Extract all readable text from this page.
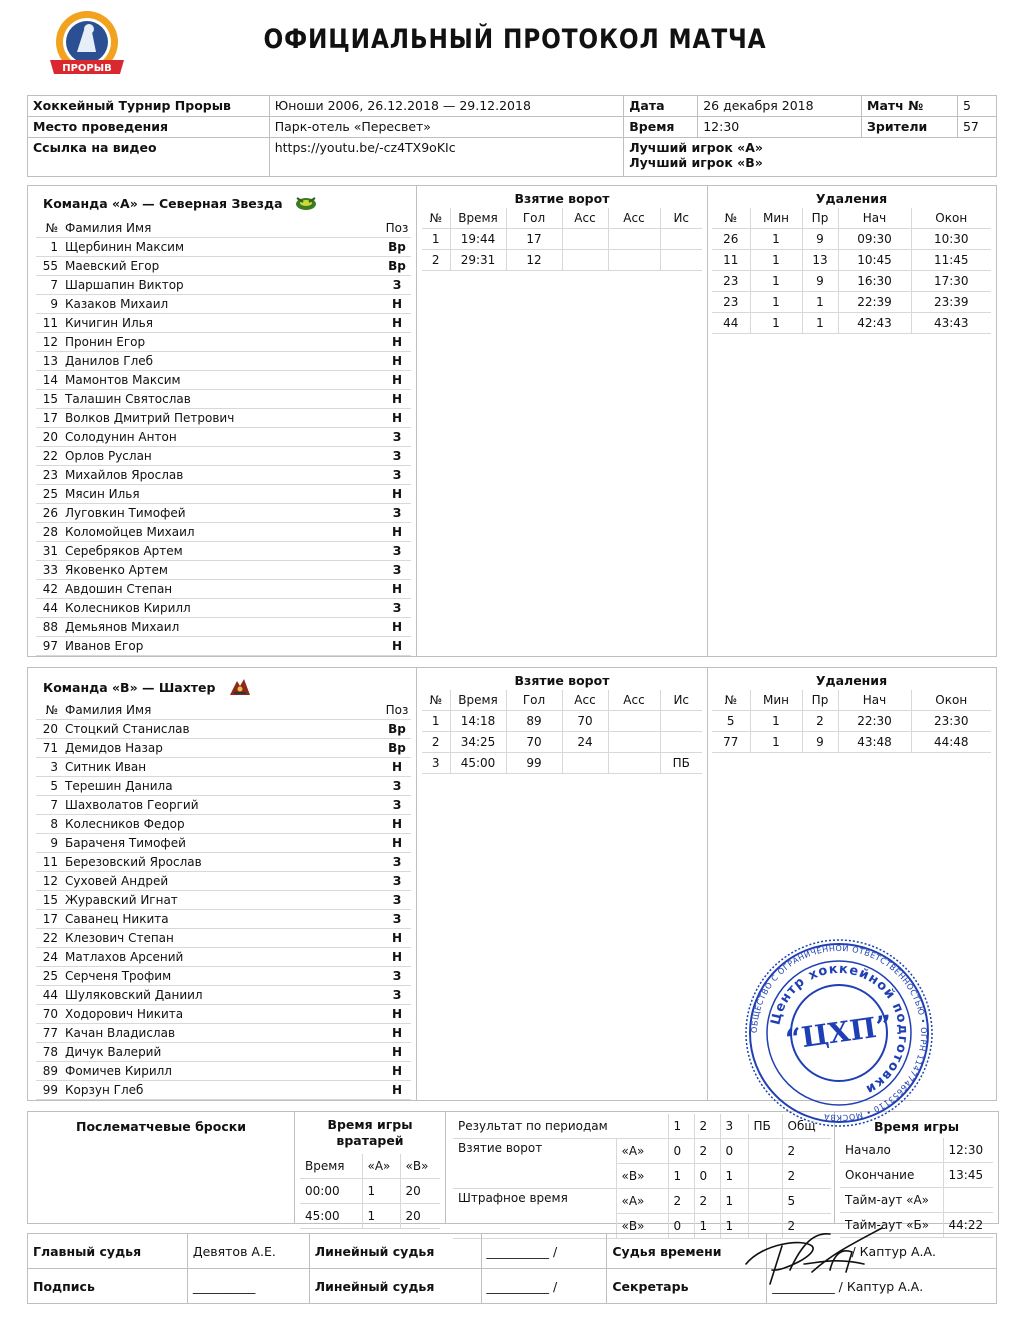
ПРОРЫВ
ОФИЦИАЛЬНЫЙ ПРОТОКОЛ МАТЧА
Хоккейный Турнир Прорыв	Юноши 2006, 26.12.2018 — 29.12.2018	Дата	26 декабря 2018	Матч №	5
Место проведения	Парк-отель «Пересвет»	Время	12:30	Зрители	57
Ссылка на видео	https://youtu.be/-cz4TX9oKIc	Лучший игрок «А»
Лучший игрок «В»			
Команда «А» — Северная Звезда
№	Фамилия Имя	Поз
1	Щербинин Максим	Вр
55	Маевский Егор	Вр
7	Шаршапин Виктор	З
9	Казаков Михаил	Н
11	Кичигин Илья	Н
12	Пронин Егор	Н
13	Данилов Глеб	Н
14	Мамонтов Максим	Н
15	Талашин Святослав	Н
17	Волков Дмитрий Петрович	Н
20	Солодунин Антон	З
22	Орлов Руслан	З
23	Михайлов Ярослав	З
25	Мясин Илья	Н
26	Луговкин Тимофей	З
28	Коломойцев Михаил	Н
31	Серебряков Артем	З
33	Яковенко Артем	З
42	Авдошин Степан	Н
44	Колесников Кирилл	З
88	Демьянов Михаил	Н
97	Иванов Егор	Н
Взятие ворот
№	Время	Гол	Асс	Асс	Ис
1	19:44	17			
2	29:31	12			
Удаления
№	Мин	Пр	Нач	Окон
26	1	9	09:30	10:30
11	1	13	10:45	11:45
23	1	9	16:30	17:30
23	1	1	22:39	23:39
44	1	1	42:43	43:43
Команда «В» — Шахтер
№	Фамилия Имя	Поз
20	Стоцкий Станислав	Вр
71	Демидов Назар	Вр
3	Ситник Иван	Н
5	Терешин Данила	З
7	Шахволатов Георгий	З
8	Колесников Федор	Н
9	Бараченя Тимофей	Н
11	Березовский Ярослав	З
12	Суховей Андрей	З
15	Журавский Игнат	З
17	Саванец Никита	З
22	Клезович Степан	Н
24	Матлахов Арсений	Н
25	Серченя Трофим	З
44	Шуляковский Даниил	З
70	Ходорович Никита	Н
77	Качан Владислав	Н
78	Дичук Валерий	Н
89	Фомичев Кирилл	Н
99	Корзун Глеб	Н
Взятие ворот
№	Время	Гол	Асс	Асс	Ис
1	14:18	89	70		
2	34:25	70	24		
3	45:00	99			ПБ
Удаления
№	Мин	Пр	Нач	Окон
5	1	2	22:30	23:30
77	1	9	43:48	44:48
Послематчевые броски	Время игры вратарей
Время	«А»	«В»
00:00	1	20
45:00	1	20
Результат по периодам		1	2	3	ПБ	Общ
Взятие ворот	«А»	0	2	0		2
	«В»	1	0	1		2
Штрафное время	«А»	2	2	1		5
	«В»	0	1	1		2
Время игры
Начало	12:30
Окончание	13:45
Тайм-аут «А»	
Тайм-аут «Б»	44:22
Главный судья	Девятов А.Е.	Линейный судья	__________ /	Судья времени	/ Каптур А.А.
Подпись	__________	Линейный судья	__________ /	Секретарь	__________ / Каптур А.А.
ОБЩЕСТВО С ОГРАНИЧЕННОЙ ОТВЕТСТВЕННОСТЬЮ • ОГРН 1147746653110 • МОСКВА
Центр хоккейной подготовки
“ЦХП”
